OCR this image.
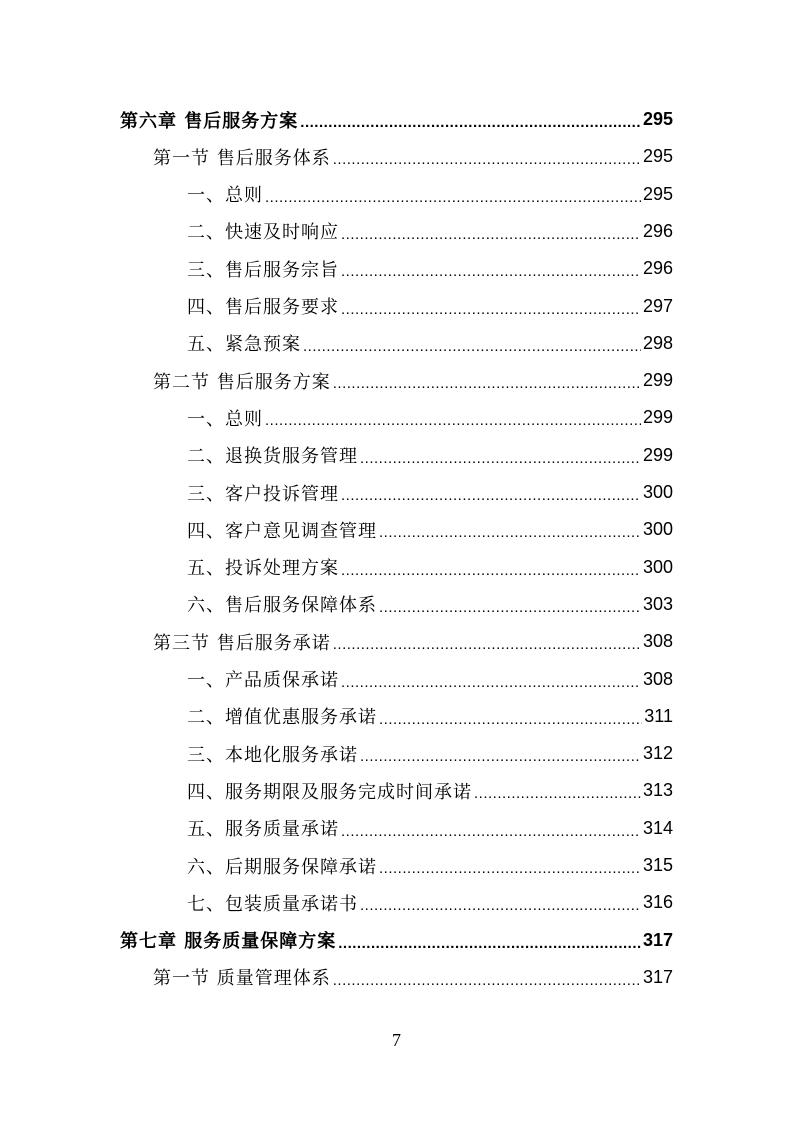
第六章 售后服务方案 .....	295
第一节 售后服务体系 .....	295
一、总则 .....	295
二、快速及时响应 .....	296
三、售后服务宗旨 .....	296
四、售后服务要求 .....	297
五、紧急预案 .....	298
第二节 售后服务方案 .....	299
一、总则 .....	299
二、退换货服务管理 .....	299
三、客户投诉管理 .....	300
四、客户意见调查管理 .....	300
五、投诉处理方案 .....	300
六、售后服务保障体系 .....	303
第三节 售后服务承诺 .....	308
一、产品质保承诺 .....	308
二、增值优惠服务承诺 .....	311
三、本地化服务承诺 .....	312
四、服务期限及服务完成时间承诺 .....	313
五、服务质量承诺 .....	314
六、后期服务保障承诺 .....	315
七、包装质量承诺书 .....	316
第七章 服务质量保障方案 .....	317
第一节 质量管理体系 .....	317
7
